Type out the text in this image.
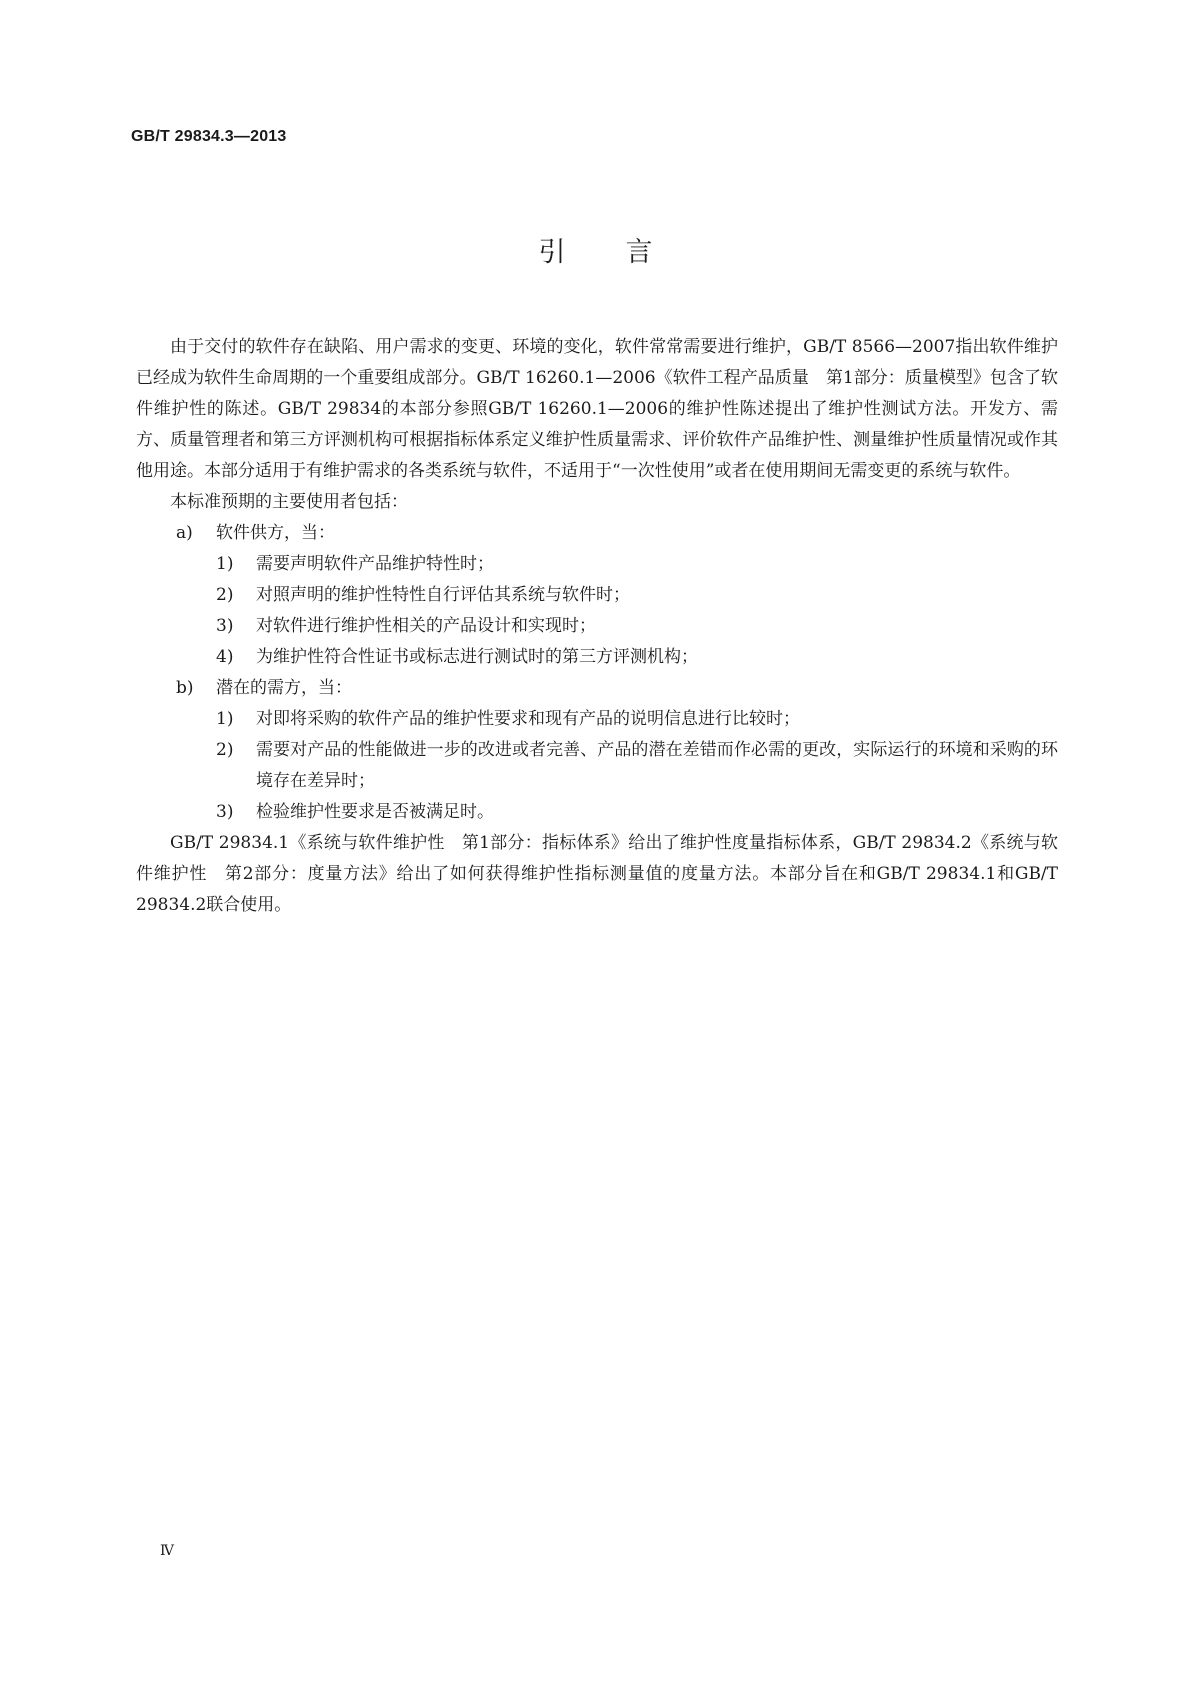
GB/T 29834.3—2013
引言

由于交付的软件存在缺陷、用户需求的变更、环境的变化，软件常常需要进行维护，GB/T 8566—2007指出软件维护已经成为软件生命周期的一个重要组成部分。GB/T 16260.1—2006《软件工程产品质量　第1部分：质量模型》包含了软件维护性的陈述。GB/T 29834的本部分参照GB/T 16260.1—2006的维护性陈述提出了维护性测试方法。开发方、需方、质量管理者和第三方评测机构可根据指标体系定义维护性质量需求、评价软件产品维护性、测量维护性质量情况或作其他用途。本部分适用于有维护需求的各类系统与软件，不适用于“一次性使用”或者在使用期间无需变更的系统与软件。

本标准预期的主要使用者包括：

a)	软件供方，当：
1)	需要声明软件产品维护特性时；
2)	对照声明的维护性特性自行评估其系统与软件时；
3)	对软件进行维护性相关的产品设计和实现时；
4)	为维护性符合性证书或标志进行测试时的第三方评测机构；
b)	潜在的需方，当：
1)	对即将采购的软件产品的维护性要求和现有产品的说明信息进行比较时；
2)	需要对产品的性能做进一步的改进或者完善、产品的潜在差错而作必需的更改，实际运行的环境和采购的环境存在差异时；
3)	检验维护性要求是否被满足时。

GB/T 29834.1《系统与软件维护性　第1部分：指标体系》给出了维护性度量指标体系，GB/T 29834.2《系统与软件维护性　第2部分：度量方法》给出了如何获得维护性指标测量值的度量方法。本部分旨在和GB/T 29834.1和GB/T 29834.2联合使用。

Ⅳ
